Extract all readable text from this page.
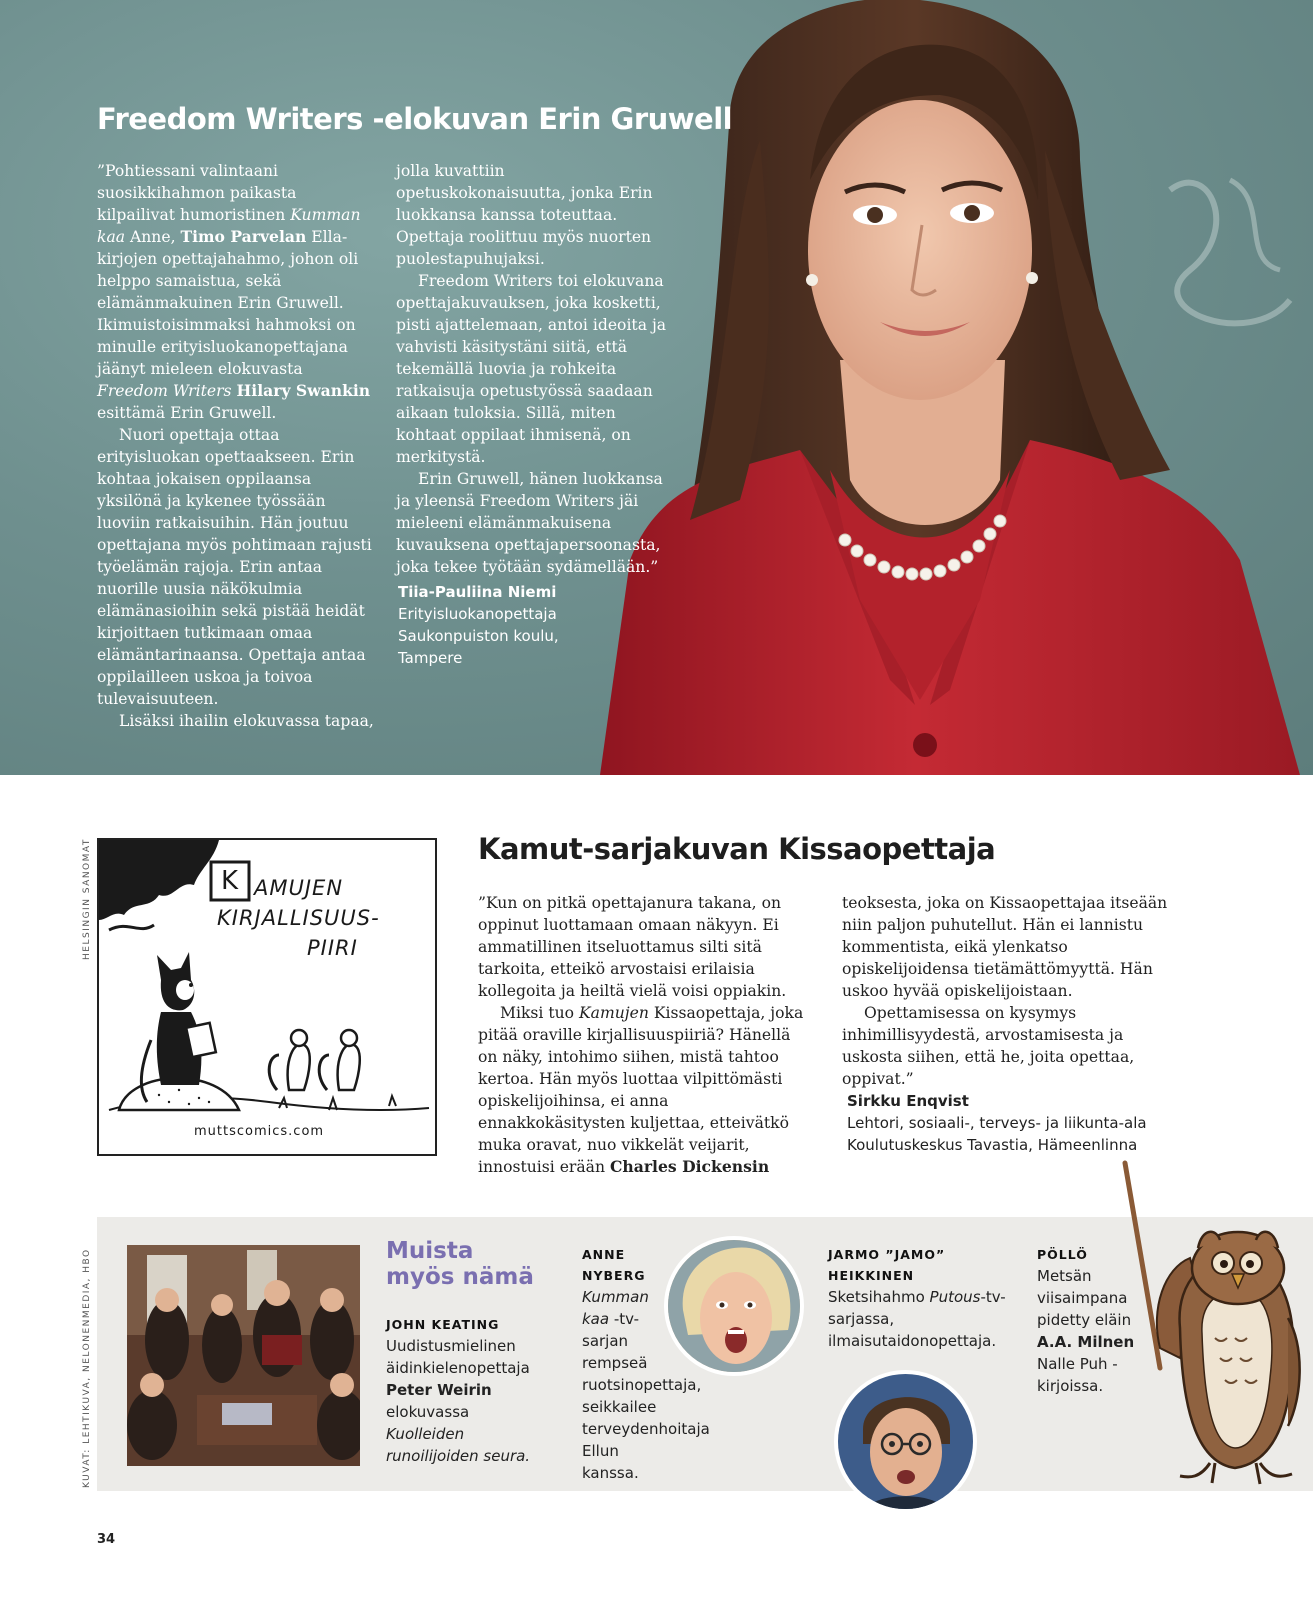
Freedom Writers -elokuvan Erin Gruwell

”Pohtiessani valintaani suosikkihahmon paikasta kilpailivat humoristinen Kumman kaa Anne, Timo Parvelan Ella-kirjojen opettajahahmo, johon oli helppo samaistua, sekä elämänmakuinen Erin Gruwell. Ikimuistoisimmaksi hahmoksi on minulle erityisluokanopettajana jäänyt mieleen elokuvasta Freedom Writers Hilary Swankin esittämä Erin Gruwell.

Nuori opettaja ottaa erityisluokan opettaakseen. Erin kohtaa jokaisen oppilaansa yksilönä ja kykenee työssään luoviin ratkaisuihin. Hän joutuu opettajana myös pohtimaan rajusti työelämän rajoja. Erin antaa nuorille uusia näkökulmia elämänasioihin sekä pistää heidät kirjoittaen tutkimaan omaa elämäntarinaansa. Opettaja antaa oppilailleen uskoa ja toivoa tulevaisuuteen.

Lisäksi ihailin elokuvassa tapaa,

jolla kuvattiin opetuskokonaisuutta, jonka Erin luokkansa kanssa toteuttaa. Opettaja roolittuu myös nuorten puolestapuhujaksi.

Freedom Writers toi elokuvana opettajakuvauksen, joka kosketti, pisti ajattelemaan, antoi ideoita ja vahvisti käsitystäni siitä, että tekemällä luovia ja rohkeita ratkaisuja opetustyössä saadaan aikaan tuloksia. Sillä, miten kohtaat oppilaat ihmisenä, on merkitystä.

Erin Gruwell, hänen luokkansa ja yleensä Freedom Writers jäi mieleeni elämänmakuisena kuvauksena opettajapersoonasta, joka tekee työtään sydämellään.”

Tiia-Pauliina Niemi
Erityisluokanopettaja
Saukonpuiston koulu,
Tampere
HELSINGIN SANOMAT	K AMUJEN
KIRJALLISUUS-
PIIRI
muttscomics.com
Kamut-sarjakuvan Kissaopettaja

”Kun on pitkä opettajanura takana, on oppinut luottamaan omaan näkyyn. Ei ammatillinen itseluottamus silti sitä tarkoita, etteikö arvostaisi erilaisia kollegoita ja heiltä vielä voisi oppiakin.

Miksi tuo Kamujen Kissaopettaja, joka pitää oraville kirjallisuuspiiriä? Hänellä on näky, intohimo siihen, mistä tahtoo kertoa. Hän myös luottaa vilpittömästi opiskelijoihinsa, ei anna ennakkokäsitysten kuljettaa, etteivätkö muka oravat, nuo vikkelät veijarit, innostuisi erään Charles Dickensin

teoksesta, joka on Kissaopettajaa itseään niin paljon puhutellut. Hän ei lannistu kommentista, eikä ylenkatso opiskelijoidensa tietämättömyyttä. Hän uskoo hyvää opiskelijoistaan.

Opettamisessa on kysymys inhimillisyydestä, arvostamisesta ja uskosta siihen, että he, joita opettaa, oppivat.”

Sirkku Enqvist
Lehtori, sosiaali-, terveys- ja liikunta-ala
Koulutuskeskus Tavastia, Hämeenlinna
KUVAT: LEHTIKUVA, NELONENMEDIA, HBO	Muista
myös nämä
JOHN KEATING
Uudistusmielinen äidinkielenopettaja Peter Weirin elokuvassa Kuolleiden runoilijoiden seura.
ANNE
NYBERG
Kumman kaa -tv-sarjan rempseä ruotsinopettaja, seikkailee terveydenhoitaja Ellun kanssa.
JARMO ”JAMO”
HEIKKINEN
Sketsihahmo Putous-tv-sarjassa, ilmaisutaidonopettaja.
PÖLLÖ
Metsän viisaimpana pidetty eläin A.A. Milnen Nalle Puh -kirjoissa.
34
